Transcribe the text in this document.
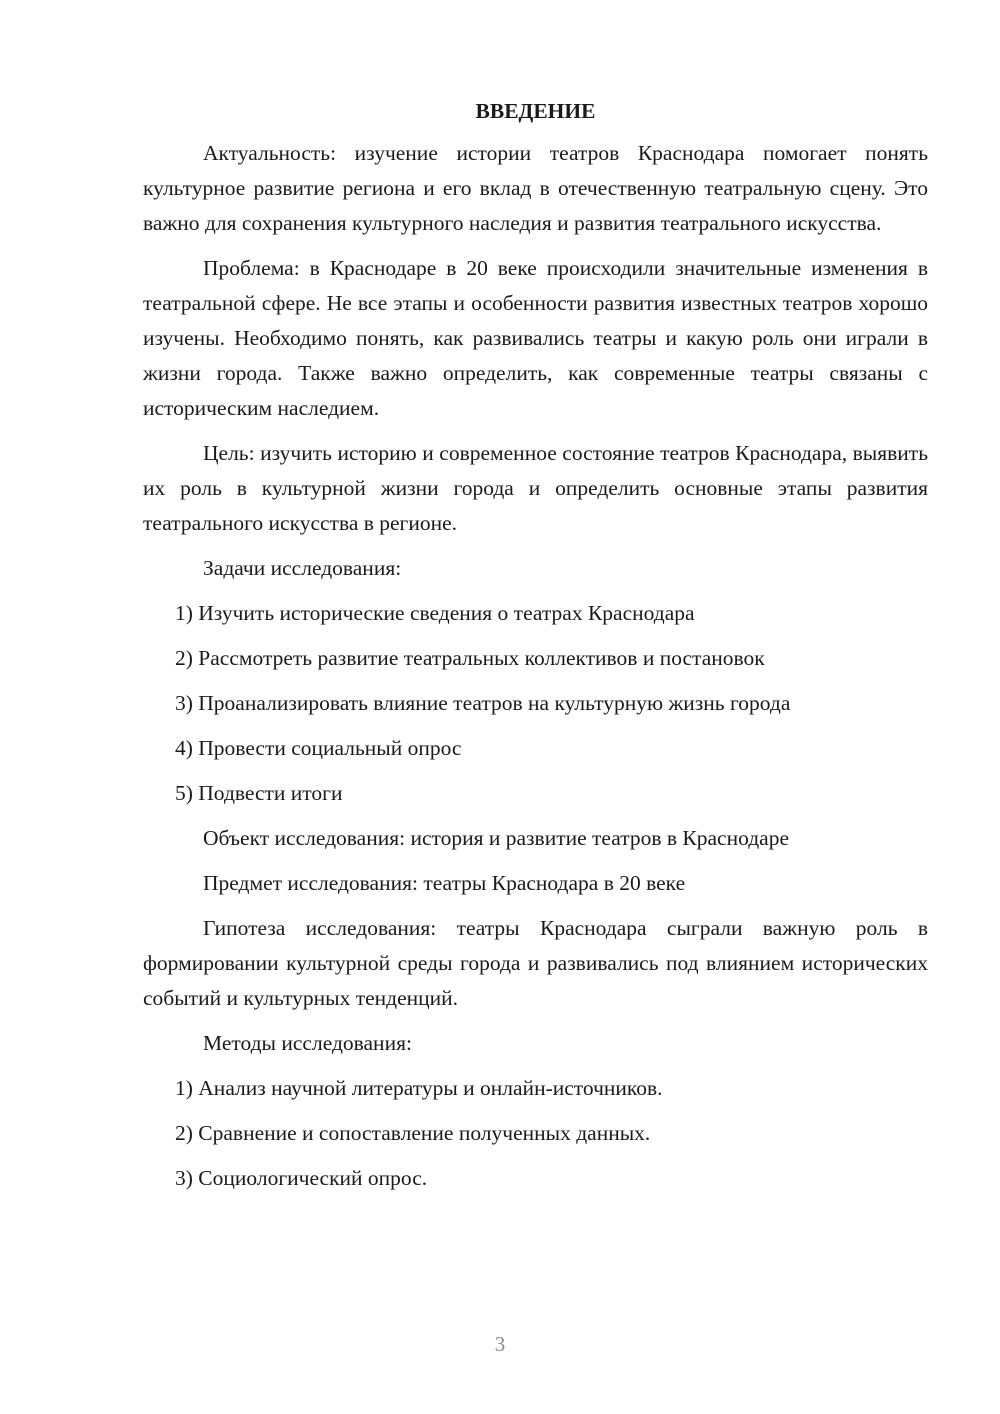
ВВЕДЕНИЕ

Актуальность: изучение истории театров Краснодара помогает понять культурное развитие региона и его вклад в отечественную театральную сцену. Это важно для сохранения культурного наследия и развития театрального искусства.

Проблема: в Краснодаре в 20 веке происходили значительные изменения в театральной сфере. Не все этапы и особенности развития известных театров хорошо изучены. Необходимо понять, как развивались театры и какую роль они играли в жизни города. Также важно определить, как современные театры связаны с историческим наследием.

Цель: изучить историю и современное состояние театров Краснодара, выявить их роль в культурной жизни города и определить основные этапы развития театрального искусства в регионе.

Задачи исследования:
1) Изучить исторические сведения о театрах Краснодара
2) Рассмотреть развитие театральных коллективов и постановок
3) Проанализировать влияние театров на культурную жизнь города
4) Провести социальный опрос
5) Подвести итоги
Объект исследования: история и развитие театров в Краснодаре
Предмет исследования: театры Краснодара в 20 веке

Гипотеза исследования: театры Краснодара сыграли важную роль в формировании культурной среды города и развивались под влиянием исторических событий и культурных тенденций.

Методы исследования:
1) Анализ научной литературы и онлайн-источников.
2) Сравнение и сопоставление полученных данных.
3) Социологический опрос.
3
